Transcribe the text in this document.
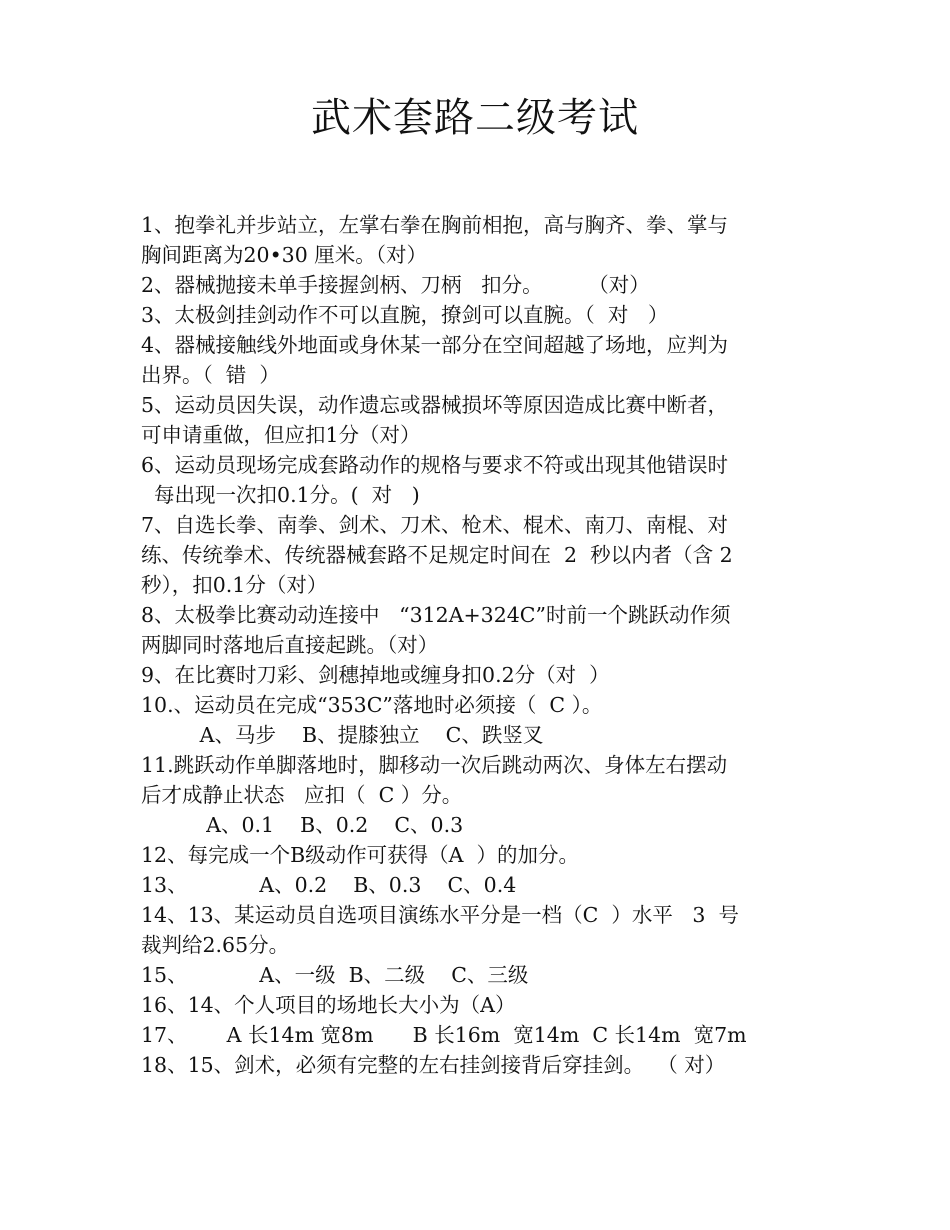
武术套路二级考试
1、抱拳礼并步站立，左掌右拳在胸前相抱，高与胸齐、拳、掌与
胸间距离为20•30 厘米。（对）
2、器械抛接未单手接握剑柄、刀柄   扣分。       （对）
3、太极剑挂剑动作不可以直腕，撩剑可以直腕。（  对   ）
4、器械接触线外地面或身休某一部分在空间超越了场地，应判为
出界。（  错  ）
5、运动员因失误，动作遗忘或器械损坏等原因造成比赛中断者，
可申请重做，但应扣1分（对）
6、运动员现场完成套路动作的规格与要求不符或出现其他错误时
每出现一次扣0.1分。(  对   )
7、自选长拳、南拳、剑术、刀术、枪术、棍术、南刀、南棍、对
练、传统拳术、传统器械套路不足规定时间在  2  秒以内者（含 2
秒），扣0.1分（对）
8、太极拳比赛动动连接中   “312A+324C”时前一个跳跃动作须
两脚同时落地后直接起跳。（对）
9、在比赛时刀彩、剑穗掉地或缠身扣0.2分（对  ）
10.、运动员在完成“353C”落地时必须接（  C ）。
A、马步    B、提膝独立    C、跌竖叉
11.跳跃动作单脚落地时，脚移动一次后跳动两次、身体左右摆动
后才成静止状态   应扣（  C ）分。
A、0.1    B、0.2    C、0.3
12、每完成一个B级动作可获得（A  ）的加分。
13、           A、0.2    B、0.3    C、0.4
14、13、某运动员自选项目演练水平分是一档（C  ）水平   3  号
裁判给2.65分。
15、           A、一级  B、二级    C、三级
16、14、个人项目的场地长大小为（A）
17、      A 长14m 宽8m      B 长16m  宽14m  C 长14m  宽7m
18、15、剑术，必须有完整的左右挂剑接背后穿挂剑。  （ 对）
